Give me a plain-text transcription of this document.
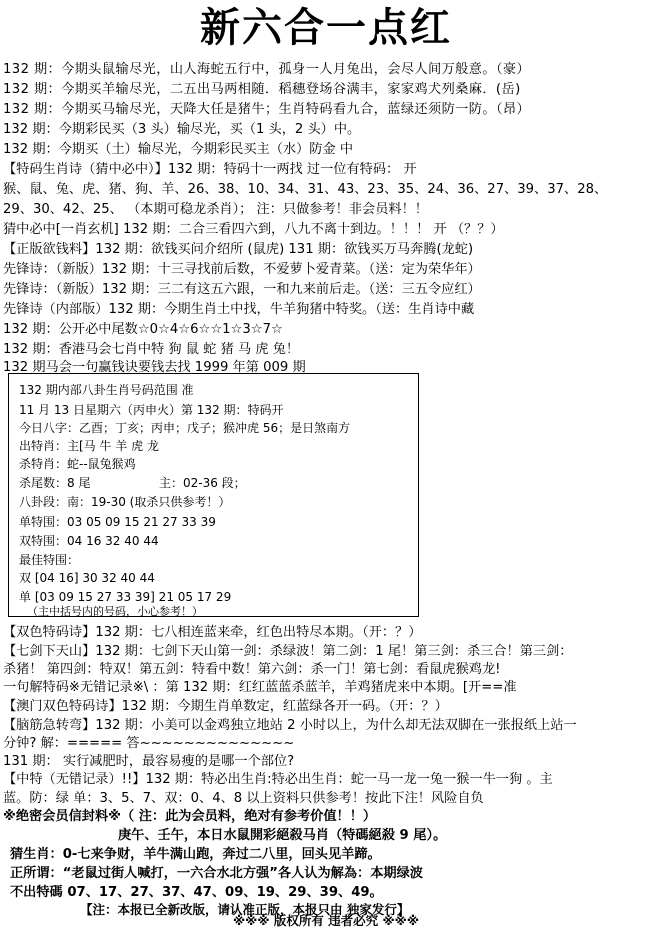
新六合一点红
132 期：今期头鼠输尽光，山人海蛇五行中，孤身一人月兔出，会尽人间万般意。（豪）
132 期：今期买羊输尽光，二五出马两相随．稻穗登场谷满丰，家家鸡犬列桑麻．(岳)
132 期：今期买马输尽光，天降大任是猪牛；生肖特码看九合，蓝绿还须防一防。（昂）
132 期：今期彩民买（3 头）输尽光，买（1 头，2 头）中。
132 期：今期买（土）输尽光，今期彩民买主（水）防金 中
【特码生肖诗（猜中必中）】132 期：特码十一两找 过一位有特码： 开
猴、鼠、兔、虎、猪、狗、羊、26、38、10、34、31、43、23、35、24、36、27、39、37、28、
29、30、42、25、 （本期可稳龙杀肖）； 注：只做参考！非会员料！！
猜中必中[一肖玄机] 132 期：二合三看四六到，八九不离十到边。！！！ 开 （？？）
【正版欲钱料】132 期：欲钱买问介绍所 (鼠虎) 131 期：欲钱买万马奔腾(龙蛇)
先锋诗：（新版）132 期：十三寻找前后数，不爱萝卜爱青菜。（送：定为荣华年）
先锋诗：（新版）132 期：三二有这五六跟，一和九来前后走。（送：三五令应红）
先锋诗（内部版）132 期：今期生肖土中找，牛羊狗猪中特奖。（送：生肖诗中藏
132 期：公开必中尾数☆0☆4☆6☆☆1☆3☆7☆
132 期：香港马会七肖中特 狗 鼠 蛇 猪 马 虎 兔！
132 期马会一句赢钱诀要钱去找 1999 年第 009 期
132 期内部八卦生肖号码范围 准
11 月 13 日星期六（丙申火）第 132 期：特码开
今日八字：乙酉；丁亥；丙申；戊子；猴冲虎 56；是日煞南方
出特肖：主[马 牛 羊 虎 龙
杀特肖：蛇--鼠兔猴鸡
杀尾数：8 尾	主：02-36 段；
八卦段：南：19-30 (取杀只供参考！）
单特围：03 05 09 15 21 27 33 39
双特围：04 16 32 40 44
最佳特围：
双 [04 16] 30 32 40 44
单 [03 09 15 27 33 39] 21 05 17 29
（主中括号内的号码，小心参考！）
【双色特码诗】132 期：七八相连蓝来牵，红色出特尽本期。（开：？）
【七剑下天山】132 期：七剑下天山第一剑：杀绿波！第二剑：1 尾！第三剑：杀三合！第三剑：
杀猪！ 第四剑：特双！第五剑：特看中数！第六剑：杀一门！第七剑：看鼠虎猴鸡龙!
一句解特码※无错记录※\ ：第 132 期：红红蓝蓝杀蓝羊，羊鸡猪虎来中本期。[开==准
【澳门双色特码诗】132 期：今期生肖单数定，红蓝绿各开一码。（开：？）
【脑筋急转弯】132 期：小美可以金鸡独立地站 2 小时以上，为什么却无法双脚在一张报纸上站一
分钟? 解：===== 答~~~~~~~~~~~~~~
131 期： 实行减肥时，最容易瘦的是哪一个部位?
【中特（无错记录）!!】132 期：特必出生肖:特必出生肖：蛇一马一龙一兔一猴一牛一狗 。主
蓝。防：绿 单：3、5、7、双：0、4、8 以上资料只供参考！按此下注！风险自负
※绝密会员信封料※（ 注：此为会员料，绝对有参考价值！！）
庚午、壬午，本日水鼠開彩絕殺马肖（特碼絕殺 9 尾）。
猜生肖：0-七来争财，羊牛满山跑，奔过二八里，回头见羊蹄。
正所谓：“老鼠过街人喊打，一六合水北方强”各人认为解為：本期绿波
不出特碼 07、17、27、37、47、09、19、29、39、49。
【注：本报已全新改版，请认准正版，本报只由 独家发行】
※※※ 版权所有 违者必究 ※※※
